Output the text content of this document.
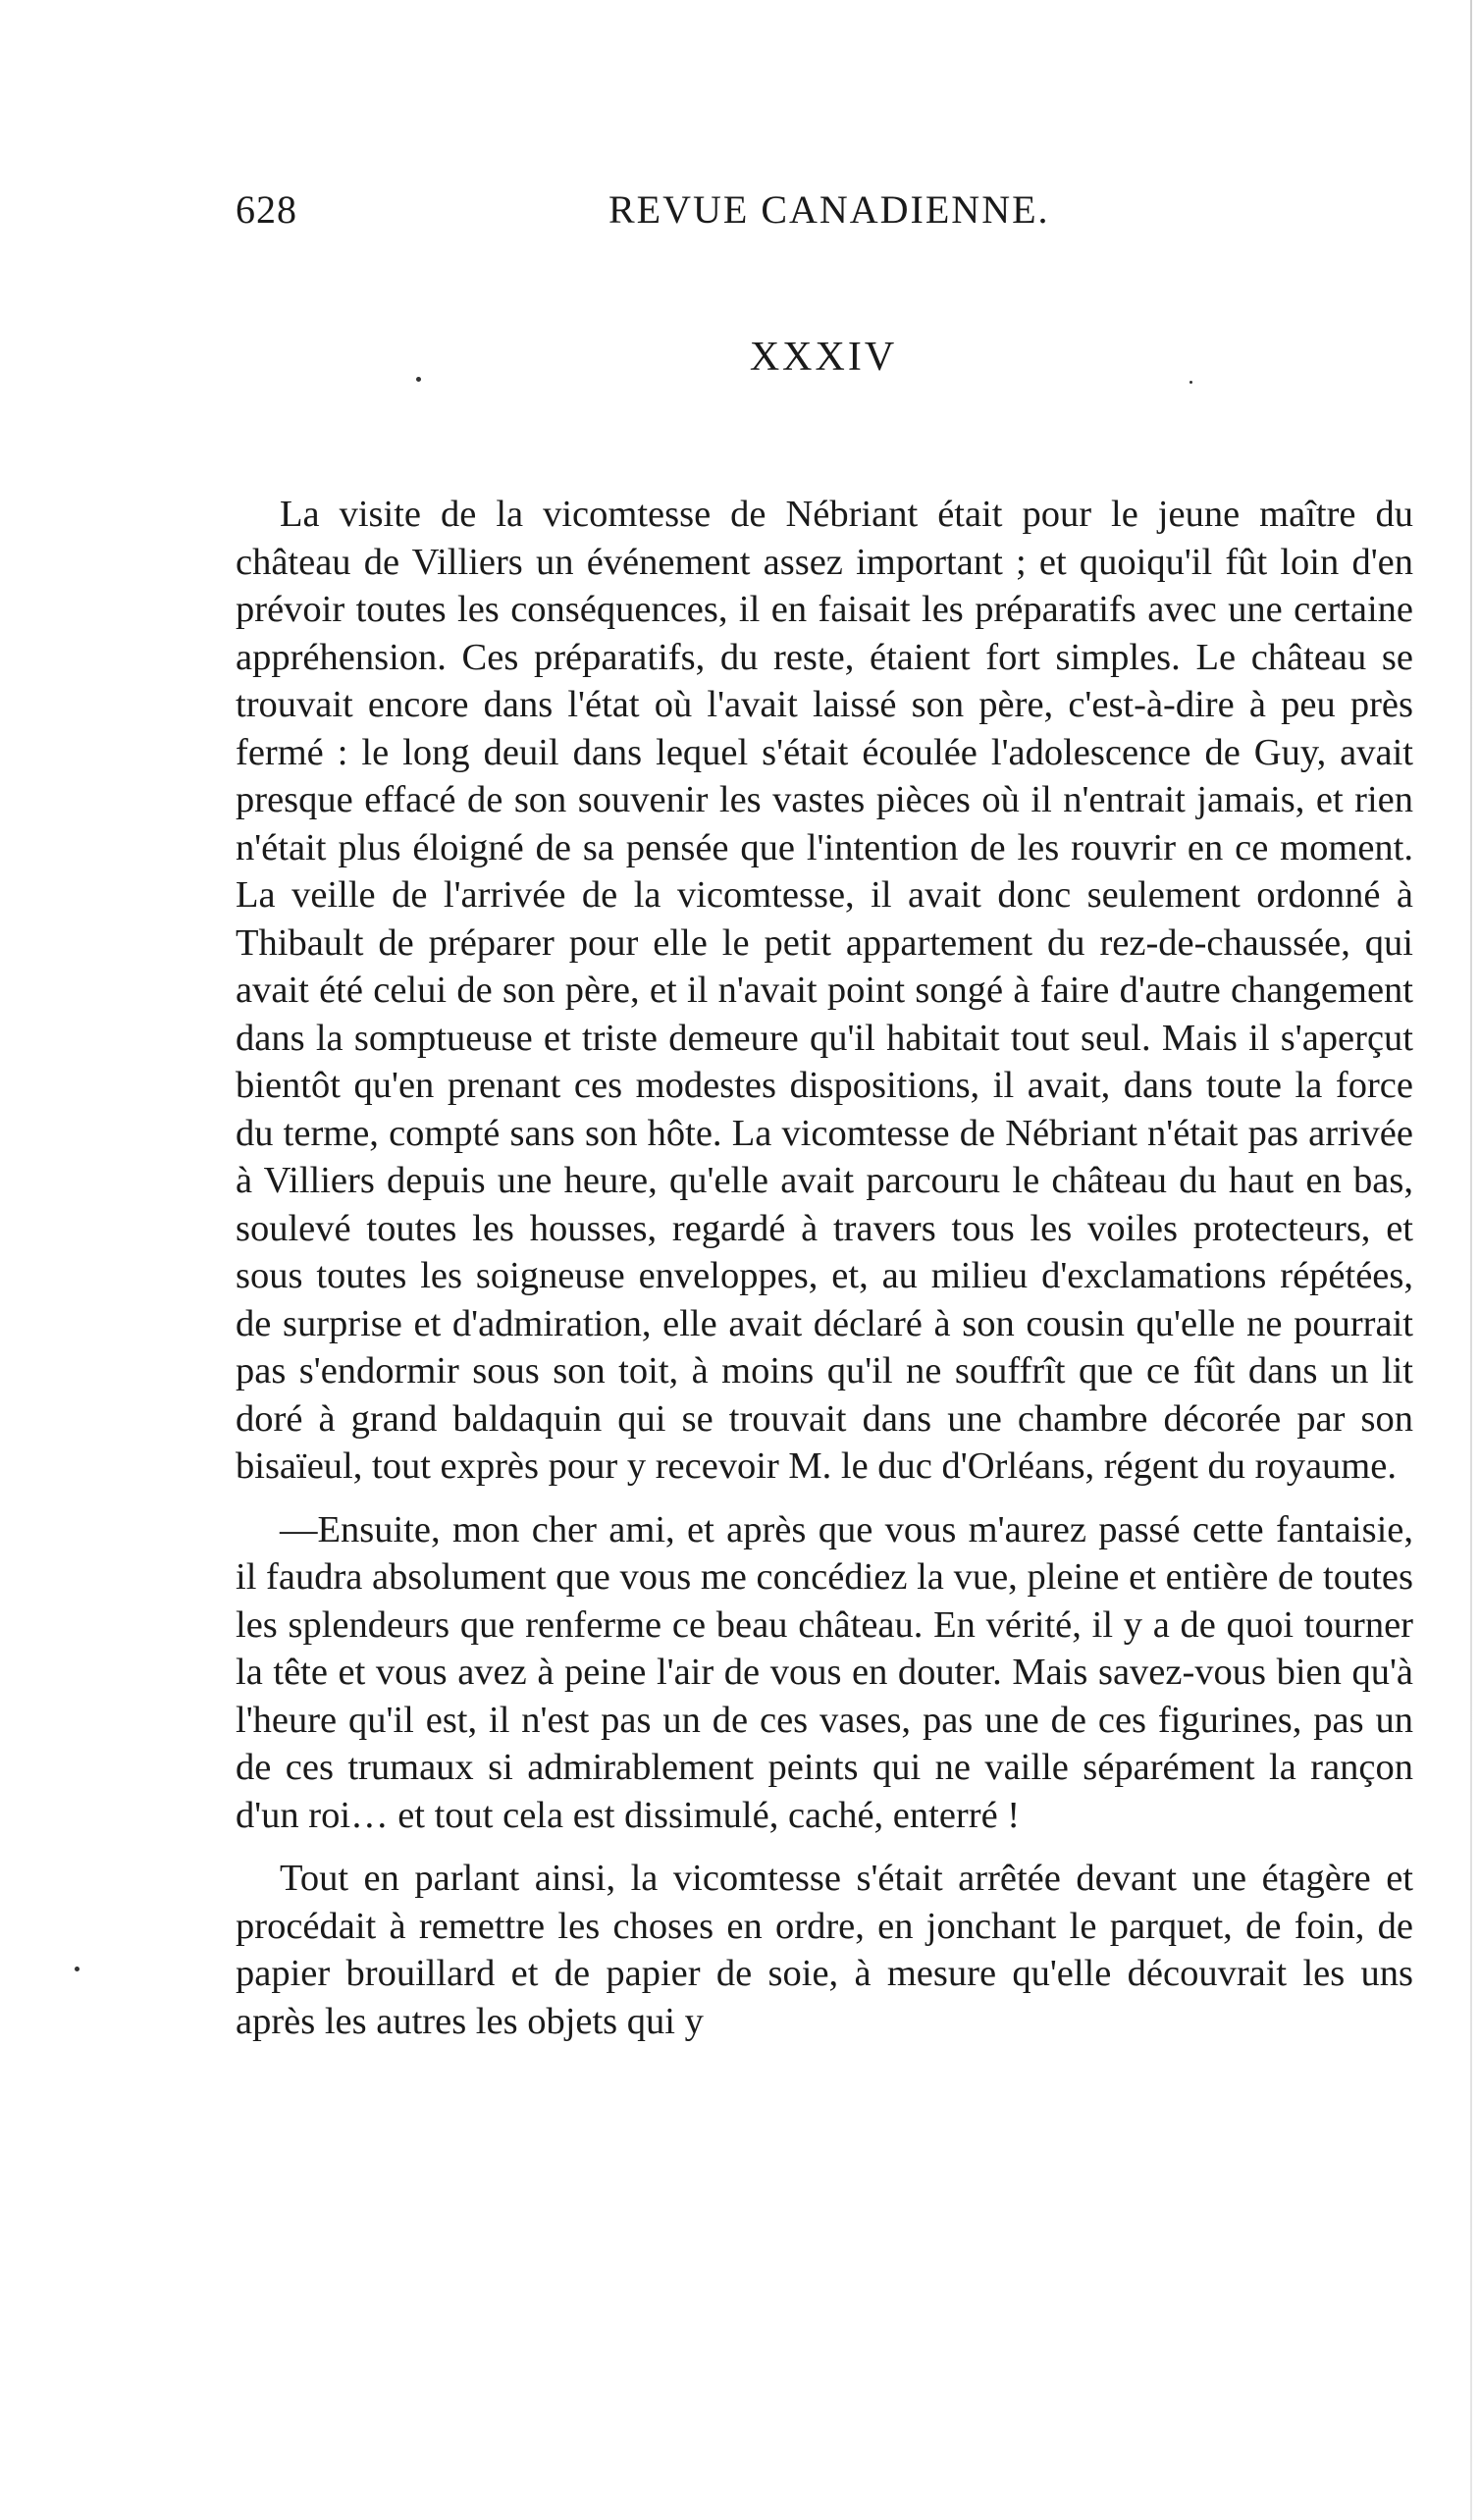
628	REVUE CANADIENNE.
XXXIV

La visite de la vicomtesse de Nébriant était pour le jeune maître du château de Villiers un événement assez important ; et quoiqu'il fût loin d'en prévoir toutes les conséquences, il en faisait les préparatifs avec une certaine appréhension. Ces préparatifs, du reste, étaient fort simples. Le château se trouvait encore dans l'état où l'avait laissé son père, c'est-à-dire à peu près fermé : le long deuil dans lequel s'était écoulée l'adolescence de Guy, avait presque effacé de son souvenir les vastes pièces où il n'entrait jamais, et rien n'était plus éloigné de sa pensée que l'intention de les rouvrir en ce moment. La veille de l'arrivée de la vicomtesse, il avait donc seulement ordonné à Thibault de préparer pour elle le petit appartement du rez-de-chaussée, qui avait été celui de son père, et il n'avait point songé à faire d'autre changement dans la somptueuse et triste demeure qu'il habitait tout seul. Mais il s'aperçut bientôt qu'en prenant ces modestes dispositions, il avait, dans toute la force du terme, compté sans son hôte. La vicomtesse de Nébriant n'était pas arrivée à Villiers depuis une heure, qu'elle avait parcouru le château du haut en bas, soulevé toutes les housses, regardé à travers tous les voiles protecteurs, et sous toutes les soigneuse enveloppes, et, au milieu d'exclamations répétées, de surprise et d'admiration, elle avait déclaré à son cousin qu'elle ne pourrait pas s'endormir sous son toit, à moins qu'il ne souffrît que ce fût dans un lit doré à grand baldaquin qui se trouvait dans une chambre décorée par son bisaïeul, tout exprès pour y recevoir M. le duc d'Orléans, régent du royaume.

—Ensuite, mon cher ami, et après que vous m'aurez passé cette fantaisie, il faudra absolument que vous me concédiez la vue, pleine et entière de toutes les splendeurs que renferme ce beau château. En vérité, il y a de quoi tourner la tête et vous avez à peine l'air de vous en douter. Mais savez-vous bien qu'à l'heure qu'il est, il n'est pas un de ces vases, pas une de ces figurines, pas un de ces trumaux si admirablement peints qui ne vaille séparément la rançon d'un roi… et tout cela est dissimulé, caché, enterré !

Tout en parlant ainsi, la vicomtesse s'était arrêtée devant une étagère et procédait à remettre les choses en ordre, en jonchant le parquet, de foin, de papier brouillard et de papier de soie, à mesure qu'elle découvrait les uns après les autres les objets qui y
